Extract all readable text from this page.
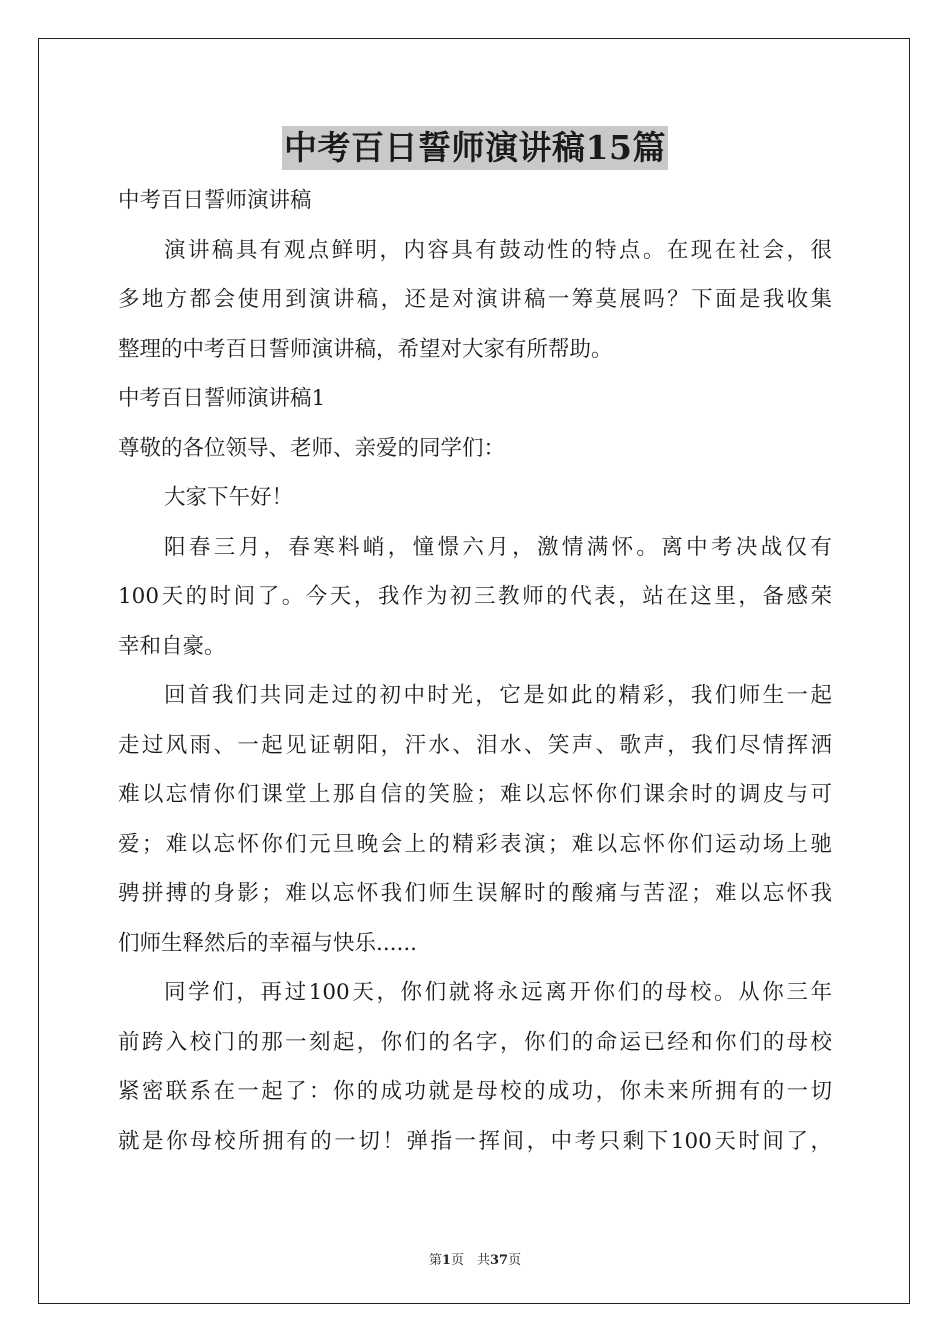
中考百日誓师演讲稿15篇
中考百日誓师演讲稿
演讲稿具有观点鲜明，内容具有鼓动性的特点。在现在社会，很
多地方都会使用到演讲稿，还是对演讲稿一筹莫展吗？下面是我收集
整理的中考百日誓师演讲稿，希望对大家有所帮助。
中考百日誓师演讲稿1
尊敬的各位领导、老师、亲爱的同学们：
大家下午好！
阳春三月，春寒料峭，憧憬六月，激情满怀。离中考决战仅有
100天的时间了。今天，我作为初三教师的代表，站在这里，备感荣
幸和自豪。
回首我们共同走过的初中时光，它是如此的精彩，我们师生一起
走过风雨、一起见证朝阳，汗水、泪水、笑声、歌声，我们尽情挥洒
难以忘情你们课堂上那自信的笑脸；难以忘怀你们课余时的调皮与可
爱；难以忘怀你们元旦晚会上的精彩表演；难以忘怀你们运动场上驰
骋拼搏的身影；难以忘怀我们师生误解时的酸痛与苦涩；难以忘怀我
们师生释然后的幸福与快乐......
同学们，再过100天，你们就将永远离开你们的母校。从你三年
前跨入校门的那一刻起，你们的名字，你们的命运已经和你们的母校
紧密联系在一起了：你的成功就是母校的成功，你未来所拥有的一切
就是你母校所拥有的一切！弹指一挥间，中考只剩下100天时间了，
第1页　共37页
